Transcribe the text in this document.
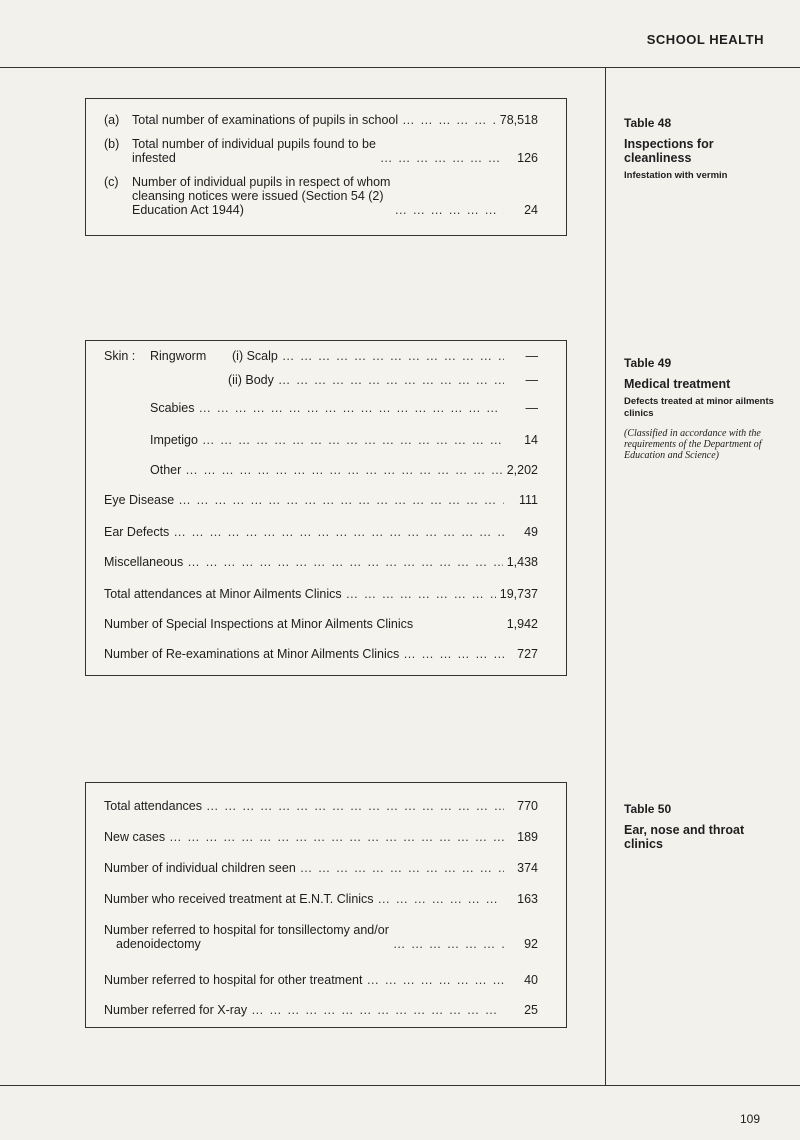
SCHOOL HEALTH
(a) Total number of examinations of pupils in school … … … … … … … … … … … … … … … … … … … … … … … … … …	78,518
(b) Total number of individual pupils found to be
infested … … … … … … … … … … … … … … … … … … … … … … … … … …	126
(c) Number of individual pupils in respect of whom
cleansing notices were issued (Section 54 (2)
Education Act 1944) … … … … … … … … … … … … … … … … … … … … … … … … … …	24
Table 48
Inspections for cleanliness
Infestation with vermin
Skin : Ringworm (i) Scalp … … … … … … … … … … … … … … … … … … … … … … … … … …	—
(ii) Body … … … … … … … … … … … … … … … … … … … … … … … … … …	—
Scabies … … … … … … … … … … … … … … … … … … … … … … … … … …	—
Impetigo … … … … … … … … … … … … … … … … … … … … … … … … … …	14
Other … … … … … … … … … … … … … … … … … … … … … … … … … …	2,202
Eye Disease … … … … … … … … … … … … … … … … … … … … … … … … … …	111
Ear Defects … … … … … … … … … … … … … … … … … … … … … … … … … …	49
Miscellaneous … … … … … … … … … … … … … … … … … … … … … … … … … …	1,438
Total attendances at Minor Ailments Clinics … … … … … … … … … … … … … … … … … … … … … … … … … …	19,737
Number of Special Inspections at Minor Ailments Clinics	1,942
Number of Re-examinations at Minor Ailments Clinics … … … … … … … … … … … … … … … … … … … … … … … … … …	727
Table 49
Medical treatment
Defects treated at minor ailments clinics
(Classified in accordance with the requirements of the Department of Education and Science)
Total attendances … … … … … … … … … … … … … … … … … … … … … … … … … …	770
New cases … … … … … … … … … … … … … … … … … … … … … … … … … …	189
Number of individual children seen … … … … … … … … … … … … … … … … … … … … … … … … … …	374
Number who received treatment at E.N.T. Clinics … … … … … … … … … … … … … … … … … … … … … … … … … …	163
Number referred to hospital for tonsillectomy and/or
adenoidectomy … … … … … … … … … … … … … … … … … … … … … … … … … …	92
Number referred to hospital for other treatment … … … … … … … … … … … … … … … … … … … … … … … … … …	40
Number referred for X-ray … … … … … … … … … … … … … … … … … … … … … … … … … …	25
Table 50
Ear, nose and throat clinics
109
